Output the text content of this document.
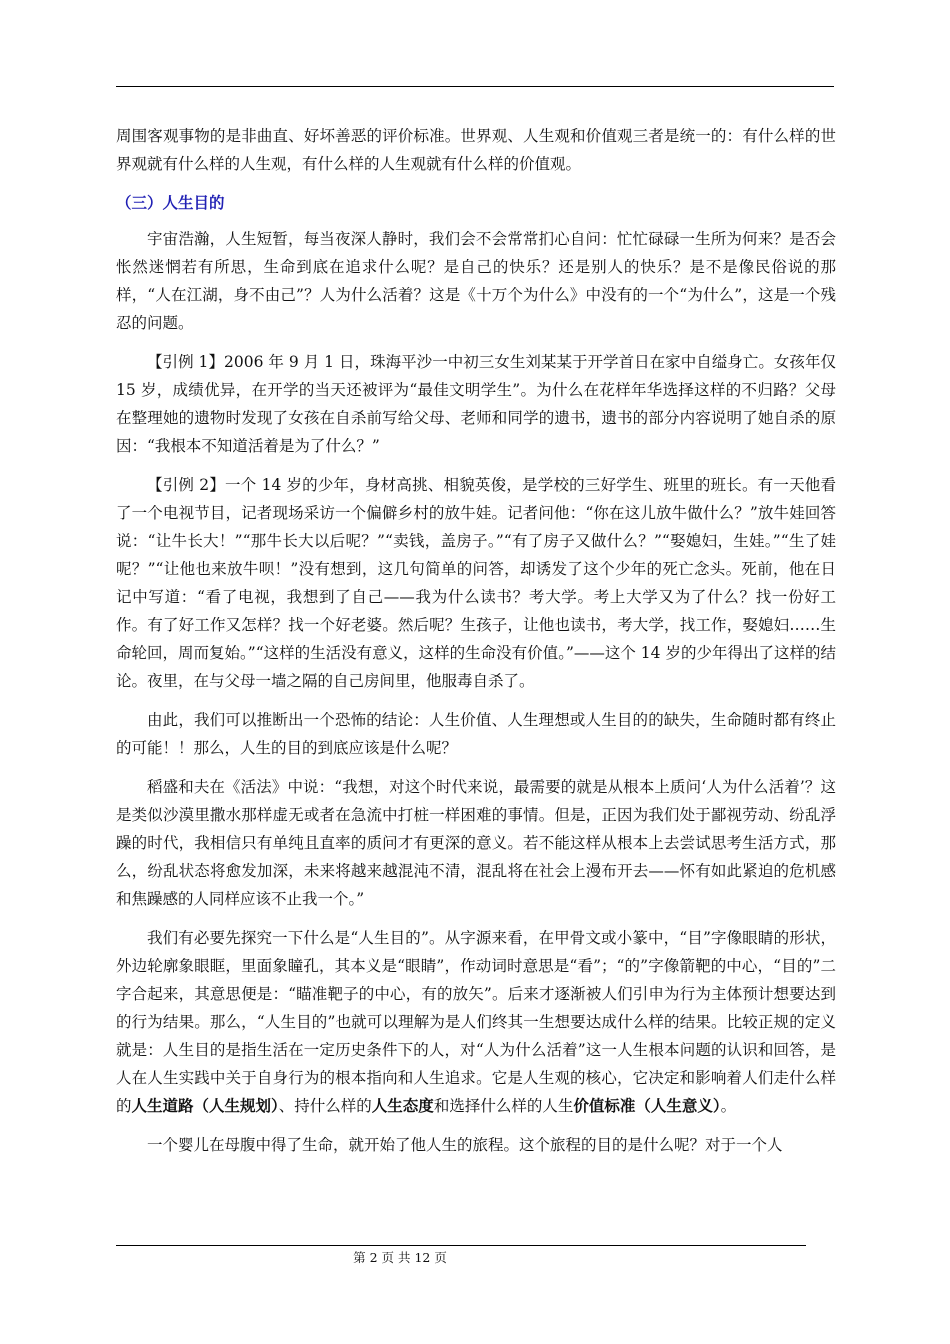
周围客观事物的是非曲直、好坏善恶的评价标准。世界观、人生观和价值观三者是统一的：有什么样的世界观就有什么样的人生观，有什么样的人生观就有什么样的价值观。

（三）人生目的

宇宙浩瀚，人生短暂，每当夜深人静时，我们会不会常常扪心自问：忙忙碌碌一生所为何来？是否会怅然迷惘若有所思，生命到底在追求什么呢？是自己的快乐？还是别人的快乐？是不是像民俗说的那样，“人在江湖，身不由己”？人为什么活着？这是《十万个为什么》中没有的一个“为什么”，这是一个残忍的问题。

【引例 1】2006 年 9 月 1 日，珠海平沙一中初三女生刘某某于开学首日在家中自缢身亡。女孩年仅 15 岁，成绩优异，在开学的当天还被评为“最佳文明学生”。为什么在花样年华选择这样的不归路？父母在整理她的遗物时发现了女孩在自杀前写给父母、老师和同学的遗书，遗书的部分内容说明了她自杀的原因：“我根本不知道活着是为了什么？”

【引例 2】一个 14 岁的少年，身材高挑、相貌英俊，是学校的三好学生、班里的班长。有一天他看了一个电视节目，记者现场采访一个偏僻乡村的放牛娃。记者问他：“你在这儿放牛做什么？”放牛娃回答说：“让牛长大！”“那牛长大以后呢？”“卖钱，盖房子。”“有了房子又做什么？”“娶媳妇，生娃。”“生了娃呢？”“让他也来放牛呗！”没有想到，这几句简单的问答，却诱发了这个少年的死亡念头。死前，他在日记中写道：“看了电视，我想到了自己——我为什么读书？考大学。考上大学又为了什么？找一份好工作。有了好工作又怎样？找一个好老婆。然后呢？生孩子，让他也读书，考大学，找工作，娶媳妇……生命轮回，周而复始。”“这样的生活没有意义，这样的生命没有价值。”——这个 14 岁的少年得出了这样的结论。夜里，在与父母一墙之隔的自己房间里，他服毒自杀了。

由此，我们可以推断出一个恐怖的结论：人生价值、人生理想或人生目的的缺失，生命随时都有终止的可能！！那么，人生的目的到底应该是什么呢？

稻盛和夫在《活法》中说：“我想，对这个时代来说，最需要的就是从根本上质问‘人为什么活着’？这是类似沙漠里撒水那样虚无或者在急流中打桩一样困难的事情。但是，正因为我们处于鄙视劳动、纷乱浮躁的时代，我相信只有单纯且直率的质问才有更深的意义。若不能这样从根本上去尝试思考生活方式，那么，纷乱状态将愈发加深，未来将越来越混沌不清，混乱将在社会上漫布开去——怀有如此紧迫的危机感和焦躁感的人同样应该不止我一个。”

我们有必要先探究一下什么是“人生目的”。从字源来看，在甲骨文或小篆中，“目”字像眼睛的形状，外边轮廓象眼眶，里面象瞳孔，其本义是“眼睛”，作动词时意思是“看”；“的”字像箭靶的中心，“目的”二字合起来，其意思便是：“瞄准靶子的中心，有的放矢”。后来才逐渐被人们引申为行为主体预计想要达到的行为结果。那么，“人生目的”也就可以理解为是人们终其一生想要达成什么样的结果。比较正规的定义就是：人生目的是指生活在一定历史条件下的人，对“人为什么活着”这一人生根本问题的认识和回答，是人在人生实践中关于自身行为的根本指向和人生追求。它是人生观的核心，它决定和影响着人们走什么样的人生道路（人生规划）、持什么样的人生态度和选择什么样的人生价值标准（人生意义）。

一个婴儿在母腹中得了生命，就开始了他人生的旅程。这个旅程的目的是什么呢？对于一个人

第 2 页 共 12 页
